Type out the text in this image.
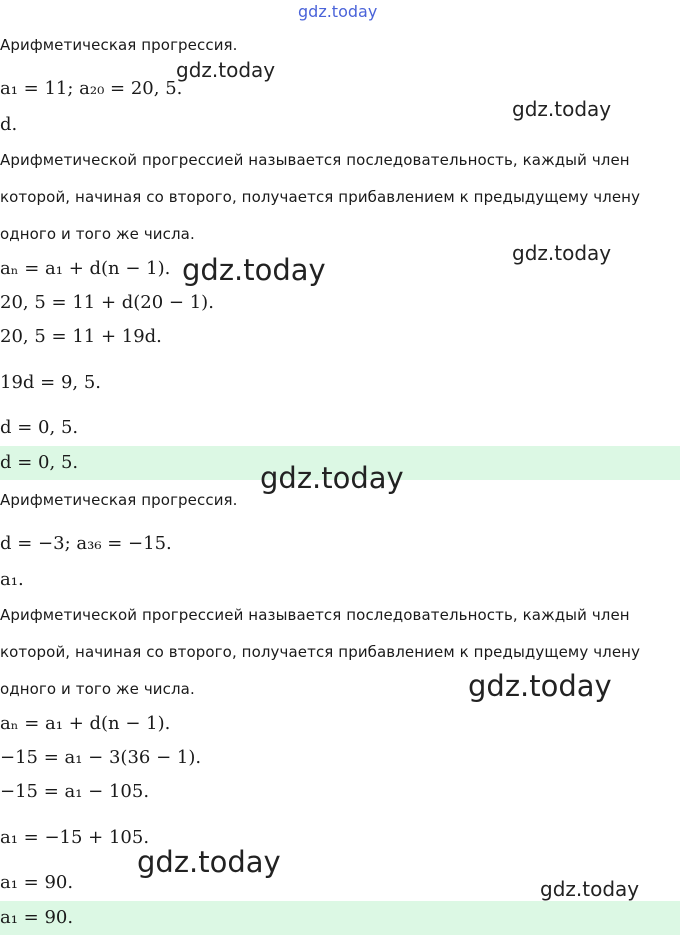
Арифметическая прогрессия.
a₁ = 11; a₂₀ = 20, 5.
d.
Арифметической прогрессией называется последовательность, каждый член
которой, начиная со второго, получается прибавлением к предыдущему члену
одного и того же числа.
aₙ = a₁ + d(n − 1).
20, 5 = 11 + d(20 − 1).
20, 5 = 11 + 19d.
19d = 9, 5.
d = 0, 5.
d = 0, 5.
Арифметическая прогрессия.
d = −3; a₃₆ = −15.
a₁.
Арифметической прогрессией называется последовательность, каждый член
которой, начиная со второго, получается прибавлением к предыдущему члену
одного и того же числа.
aₙ = a₁ + d(n − 1).
−15 = a₁ − 3(36 − 1).
−15 = a₁ − 105.
a₁ = −15 + 105.
a₁ = 90.
a₁ = 90.
gdz.today
gdz.today
gdz.today
gdz.today
gdz.today
gdz.today
gdz.today
gdz.today
gdz.today
